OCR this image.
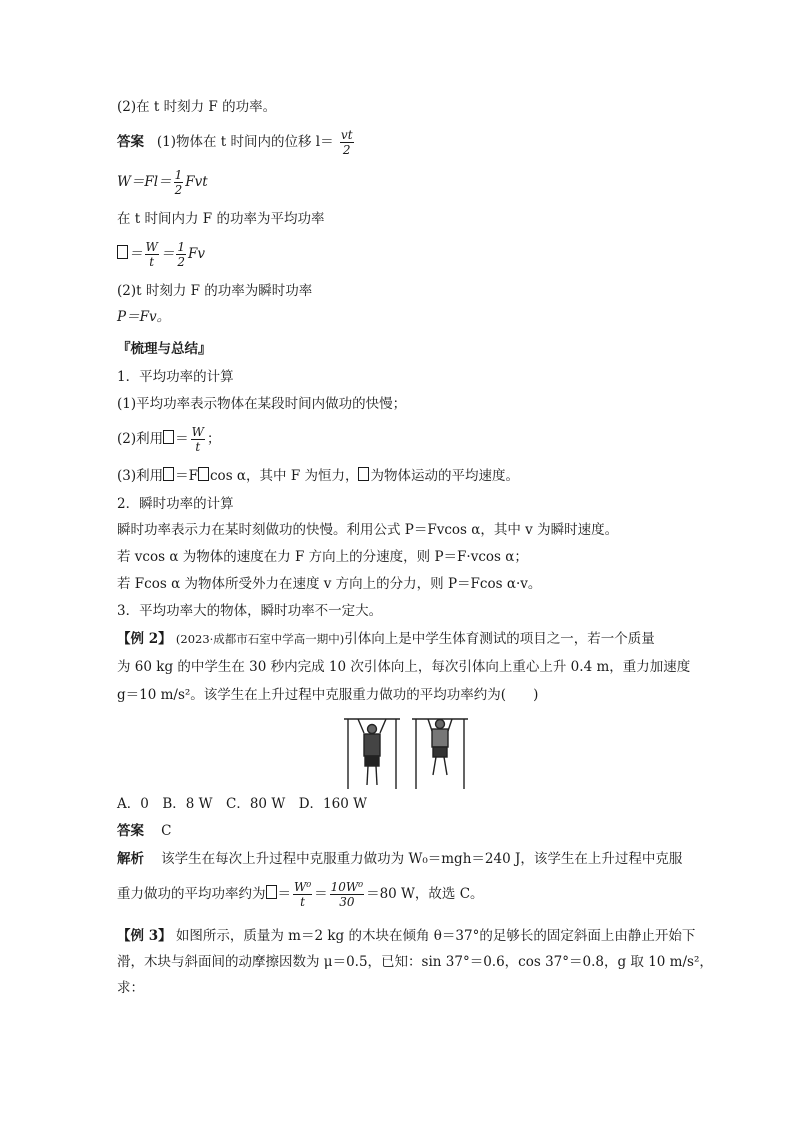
(2)在 t 时刻力 F 的功率。
答案 (1)物体在 t 时间内的位移 $l= \frac{vt}{2}$
$W=Fl= \frac{1}{2}$ Fvt
在 t 时间内力 F 的功率为平均功率
＝ $\frac{W}{t} = \frac{1}{2}$ Fv
(2)t 时刻力 F 的功率为瞬时功率
P＝Fv。
『梳理与总结』
1．平均功率的计算
(1)平均功率表示物体在某段时间内做功的快慢；
(2)利用 ＝ $\frac{W}{t}$ ；
(3)利用 ＝F cos α，其中 F 为恒力， 为物体运动的平均速度。
2．瞬时功率的计算
瞬时功率表示力在某时刻做功的快慢。利用公式 P＝Fvcos α，其中 v 为瞬时速度。
若 vcos α 为物体的速度在力 F 方向上的分速度，则 P＝F·vcos α；
若 Fcos α 为物体所受外力在速度 v 方向上的分力，则 P＝Fcos α·v。
3．平均功率大的物体，瞬时功率不一定大。
【例 2】 (2023·成都市石室中学高一期中)引体向上是中学生体育测试的项目之一，若一个质量
为 60 kg 的中学生在 30 秒内完成 10 次引体向上，每次引体向上重心上升 0.4 m，重力加速度
g＝10 m/s²。该学生在上升过程中克服重力做功的平均功率约为(　　)
A．0　B．8 W　C．80 W　D．160 W
答案 C
解析 该学生在每次上升过程中克服重力做功为 W₀＝mgh＝240 J，该学生在上升过程中克服
重力做功的平均功率约为 ＝ $\frac{\text{W⁰}}{t} = \frac{\text{10W⁰}}{30} =80$ W，故选 C。
【例 3】 如图所示，质量为 m＝2 kg 的木块在倾角 θ＝37°的足够长的固定斜面上由静止开始下
滑，木块与斜面间的动摩擦因数为 μ＝0.5，已知：sin 37°＝0.6，cos 37°＝0.8，g 取 10 m/s²，
求：
